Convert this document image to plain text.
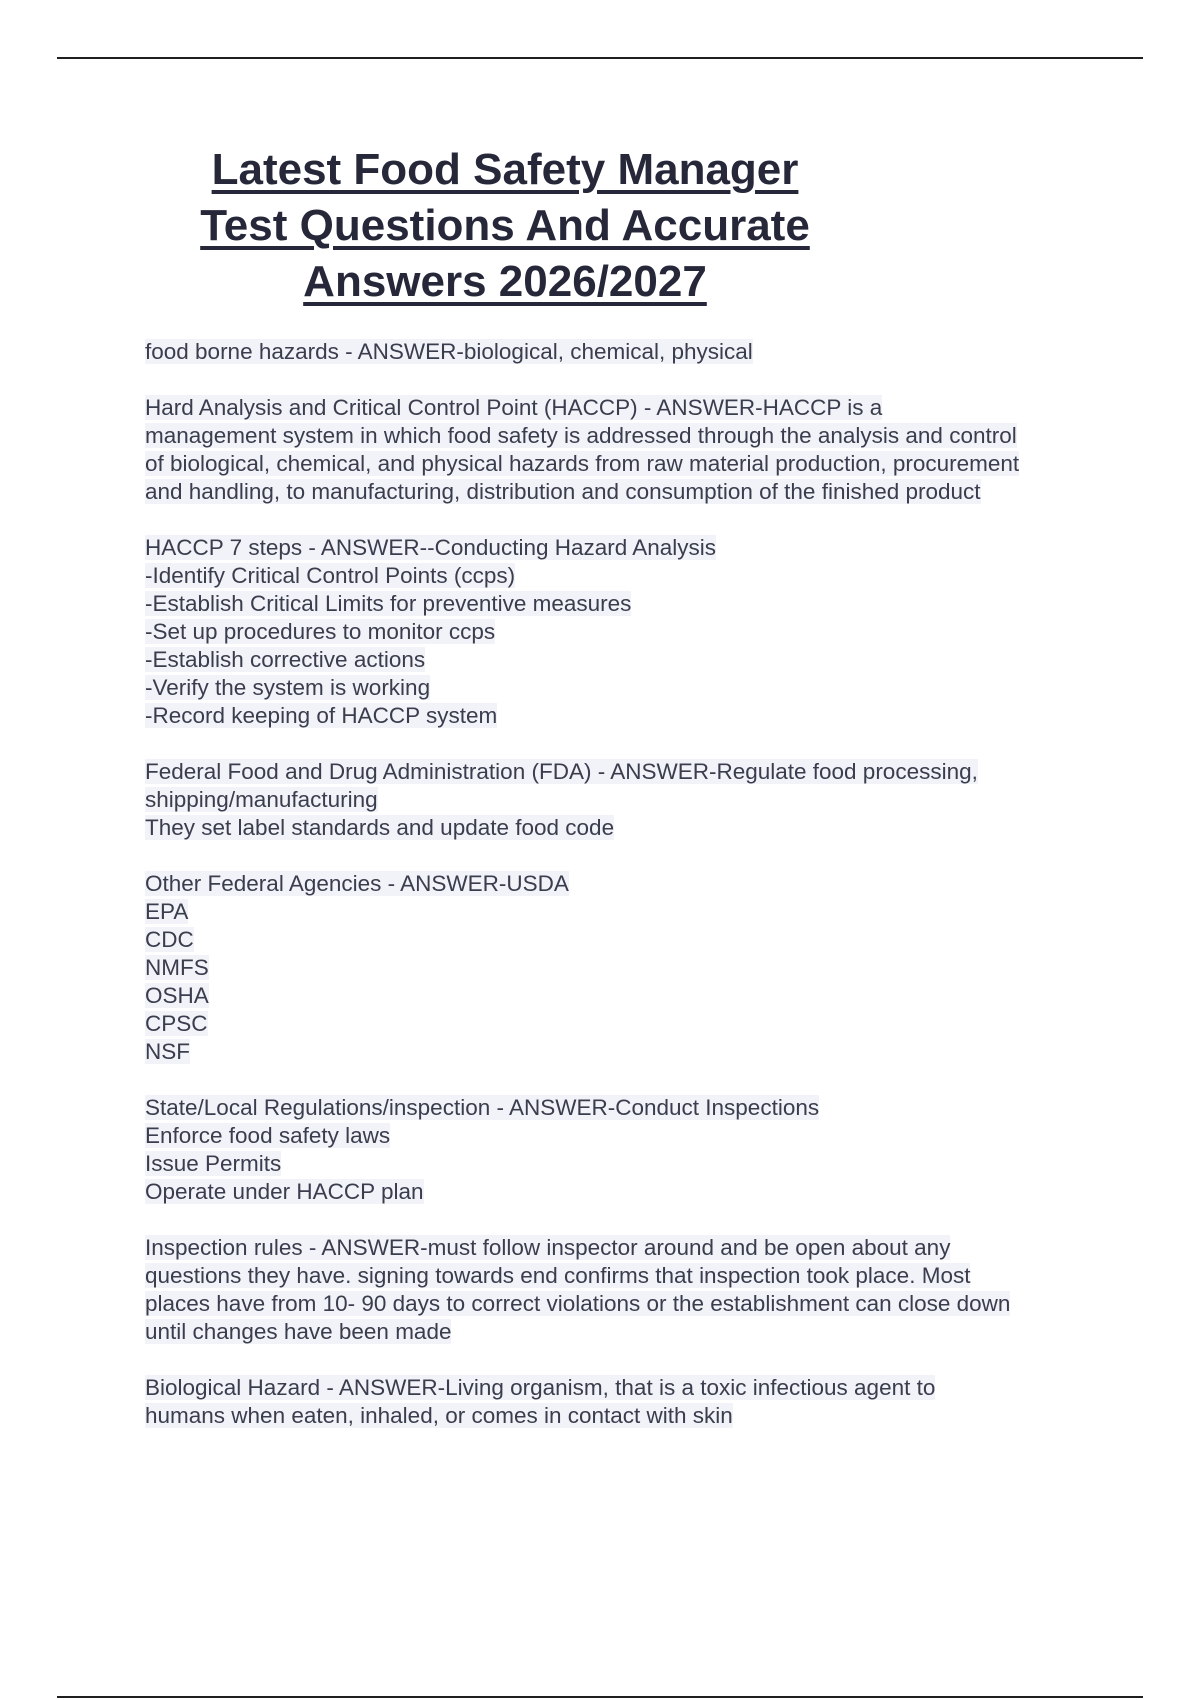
Latest Food Safety Manager
Test Questions And Accurate
Answers 2026/2027
food borne hazards - ANSWER-biological, chemical, physical
Hard Analysis and Critical Control Point (HACCP) - ANSWER-HACCP is a
management system in which food safety is addressed through the analysis and control
of biological, chemical, and physical hazards from raw material production, procurement
and handling, to manufacturing, distribution and consumption of the finished product
HACCP 7 steps - ANSWER--Conducting Hazard Analysis
-Identify Critical Control Points (ccps)
-Establish Critical Limits for preventive measures
-Set up procedures to monitor ccps
-Establish corrective actions
-Verify the system is working
-Record keeping of HACCP system
Federal Food and Drug Administration (FDA) - ANSWER-Regulate food processing,
shipping/manufacturing
They set label standards and update food code
Other Federal Agencies - ANSWER-USDA
EPA
CDC
NMFS
OSHA
CPSC
NSF
State/Local Regulations/inspection - ANSWER-Conduct Inspections
Enforce food safety laws
Issue Permits
Operate under HACCP plan
Inspection rules - ANSWER-must follow inspector around and be open about any
questions they have. signing towards end confirms that inspection took place. Most
places have from 10- 90 days to correct violations or the establishment can close down
until changes have been made
Biological Hazard - ANSWER-Living organism, that is a toxic infectious agent to
humans when eaten, inhaled, or comes in contact with skin
